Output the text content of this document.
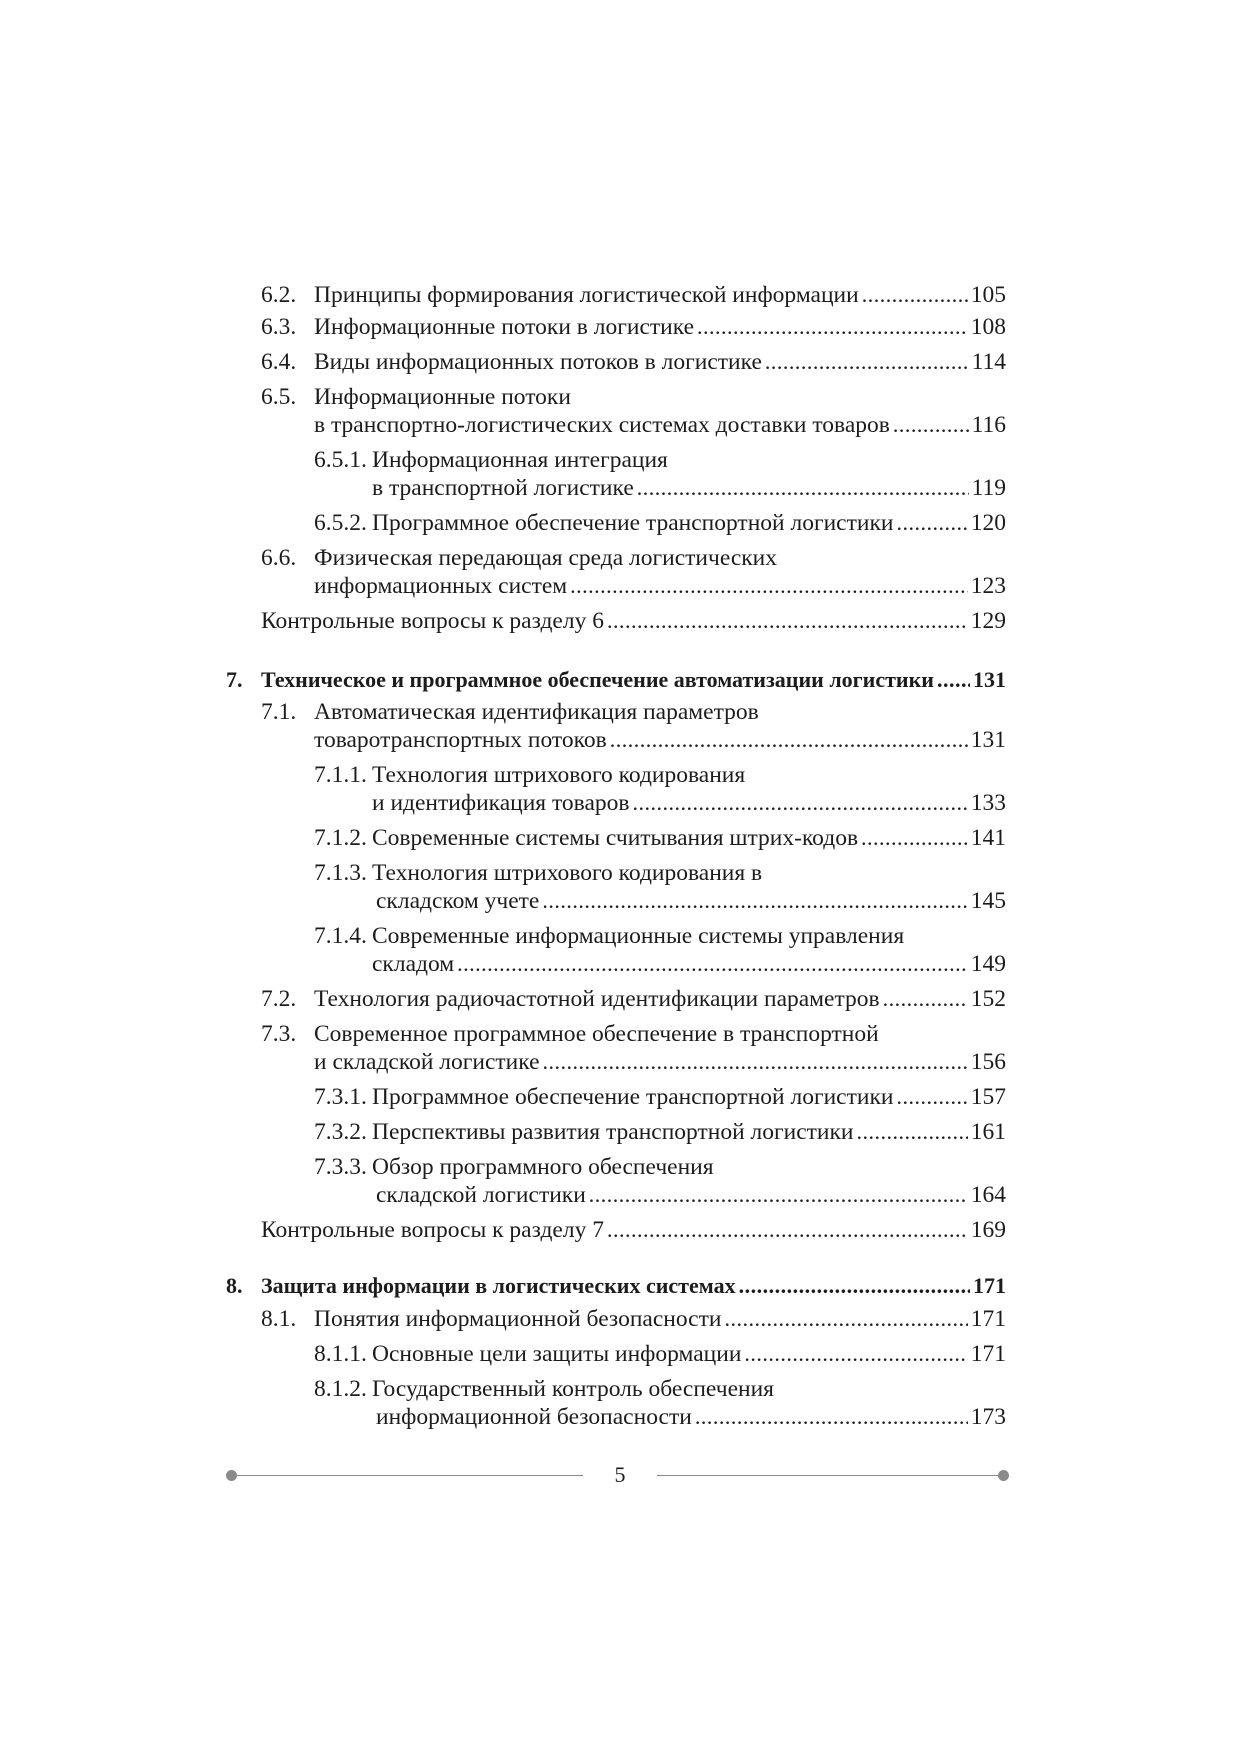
6.2. Принципы формирования логистической информации .....	105
6.3. Информационные потоки в логистике .....	108
6.4. Виды информационных потоков в логистике .....	114
6.5. Информационные потоки
в транспортно-логистических системах доставки товаров .....	116
6.5.1. Информационная интеграция
в транспортной логистике .....	119
6.5.2. Программное обеспечение транспортной логистики .....	120
6.6. Физическая передающая среда логистических
информационных систем .....	123
Контрольные вопросы к разделу 6 .....	129
7. Техническое и программное обеспечение автоматизации логистики ..... 131
7.1. Автоматическая идентификация параметров
товаротранспортных потоков .....	131
7.1.1. Технология штрихового кодирования
и идентификация товаров .....	133
7.1.2. Современные системы считывания штрих-кодов .....	141
7.1.3. Технология штрихового кодирования в
складском учете .....	145
7.1.4. Современные информационные системы управления
складом .....	149
7.2. Технология радиочастотной идентификации параметров .....	152
7.3. Современное программное обеспечение в транспортной
и складской логистике .....	156
7.3.1. Программное обеспечение транспортной логистики .....	157
7.3.2. Перспективы развития транспортной логистики .....	161
7.3.3. Обзор программного обеспечения
складской логистики .....	164
Контрольные вопросы к разделу 7 .....	169
8. Защита информации в логистических системах .....	171
8.1. Понятия информационной безопасности .....	171
8.1.1. Основные цели защиты информации .....	171
8.1.2. Государственный контроль обеспечения
информационной безопасности .....	173
5
